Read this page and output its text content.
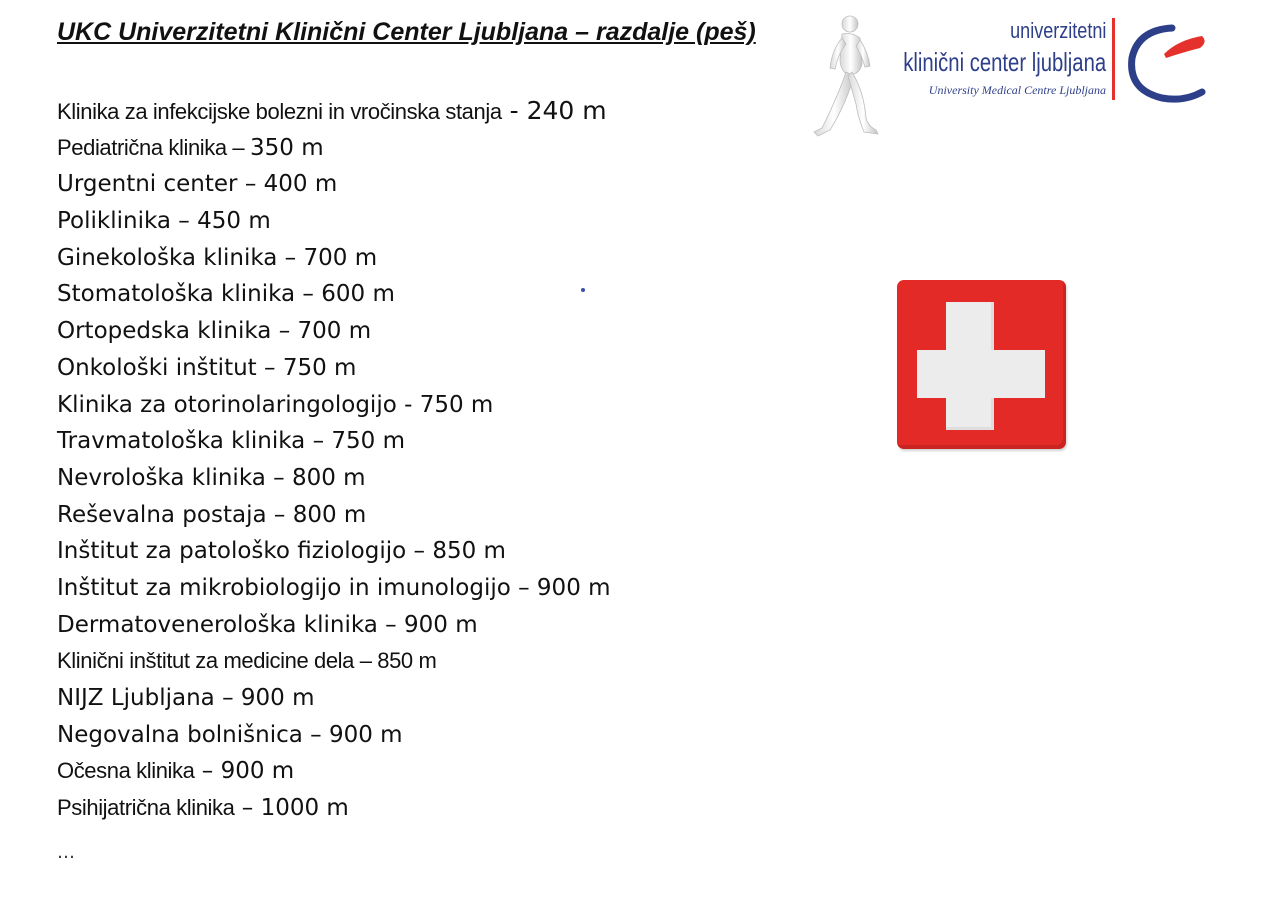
UKC Univerzitetni Klinični Center Ljubljana – razdalje (peš)	univerzitetni
klinični center ljubljana
University Medical Centre Ljubljana
Klinika za infekcijske bolezni in vročinska stanja - 240 m
Pediatrična klinika – 350 m
Urgentni center – 400 m
Poliklinika – 450 m
Ginekološka klinika – 700 m
Stomatološka klinika – 600 m
Ortopedska klinika – 700 m
Onkološki inštitut – 750 m
Klinika za otorinolaringologijo - 750 m
Travmatološka klinika – 750 m
Nevrološka klinika – 800 m
Reševalna postaja – 800 m
Inštitut za patološko fiziologijo – 850 m
Inštitut za mikrobiologijo in imunologijo – 900 m
Dermatovenerološka klinika – 900 m
Klinični inštitut za medicine dela – 850 m
NIJZ Ljubljana – 900 m
Negovalna bolnišnica – 900 m
Očesna klinika – 900 m
Psihijatrična klinika – 1000 m
…
